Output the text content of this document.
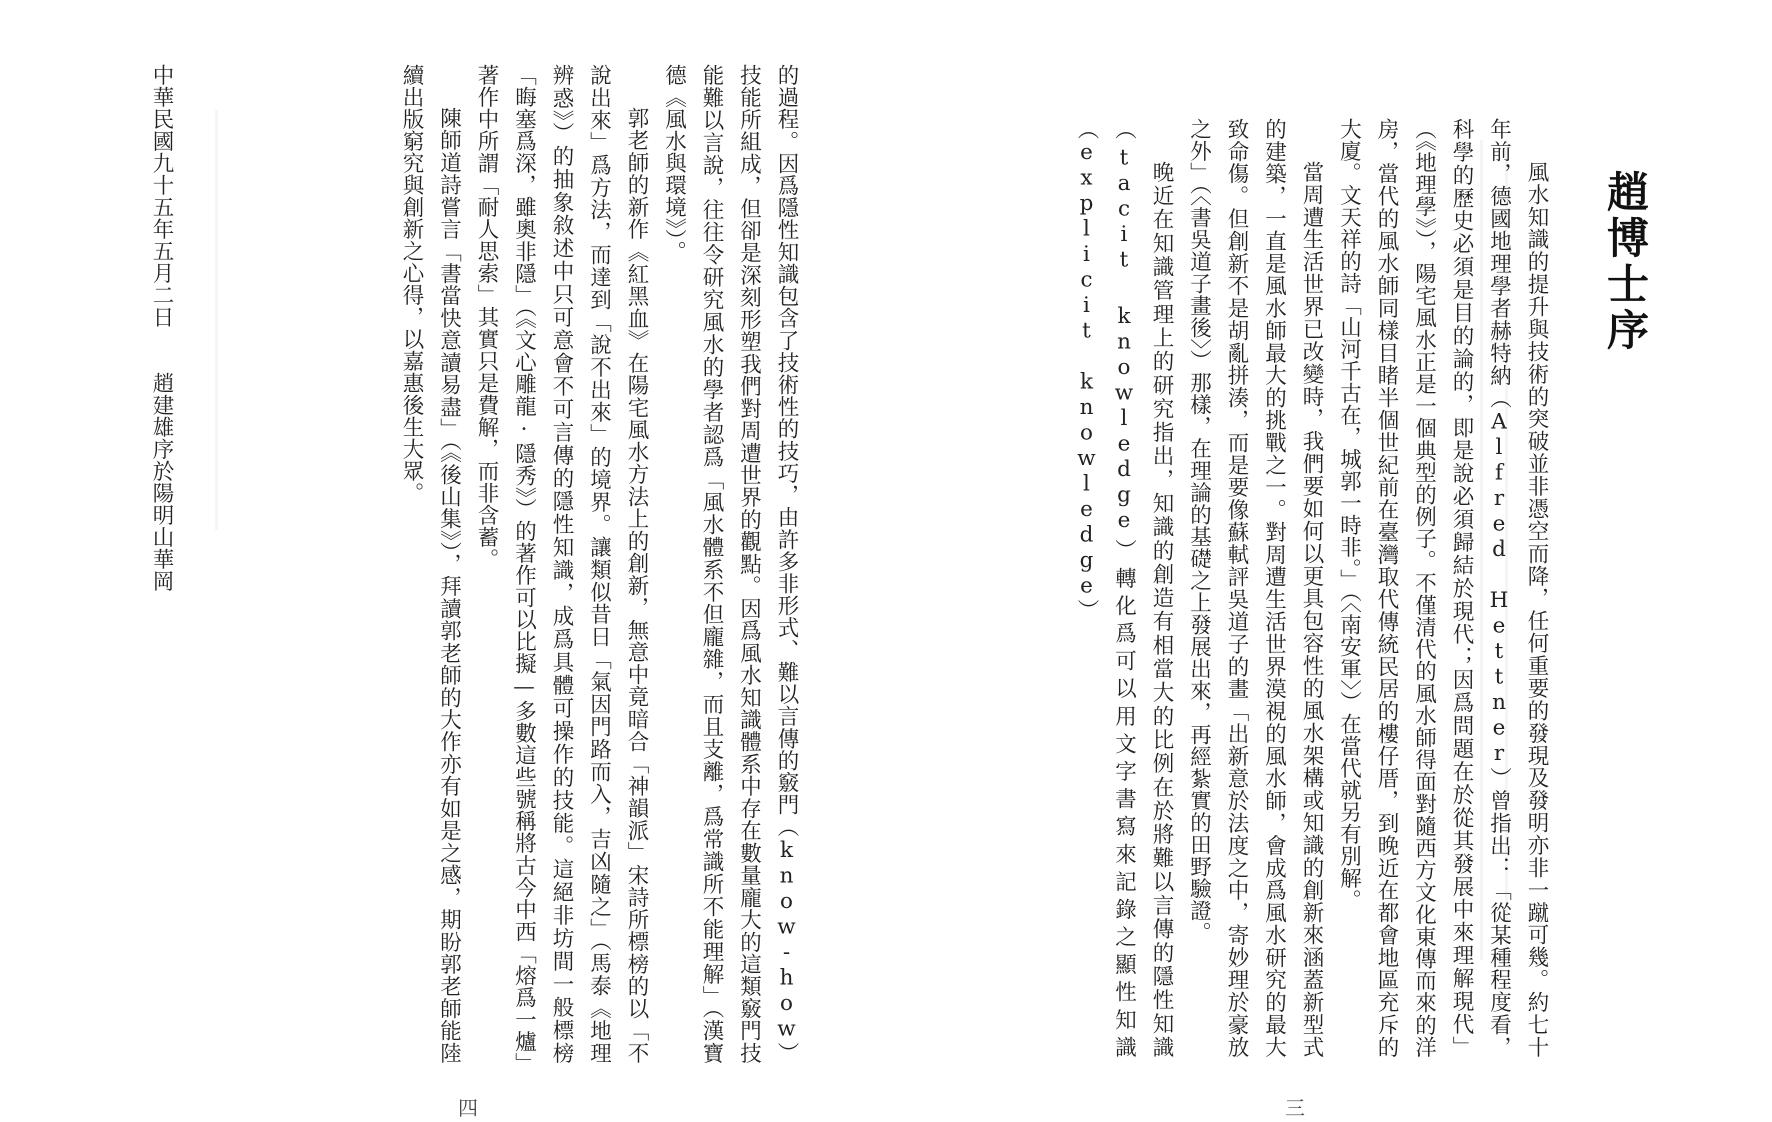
趙博士序

風水知識的提升與技術的突破並非憑空而降，任何重要的發現及發明亦非一蹴可幾。約七十年前，德國地理學者赫特納（Alfred Hettner）曾指出：「從某種程度看，科學的歷史必須是目的論的，即是說必須歸結於現代；因爲問題在於從其發展中來理解現代」（《地理學》），陽宅風水正是一個典型的例子。不僅清代的風水師得面對隨西方文化東傳而來的洋房，當代的風水師同樣目睹半個世紀前在臺灣取代傳統民居的樓仔厝，到晚近在都會地區充斥的大廈。文天祥的詩「山河千古在，城郭一時非。」（〈南安軍〉）在當代就另有別解。

當周遭生活世界已改變時，我們要如何以更具包容性的風水架構或知識的創新來涵蓋新型式的建築，一直是風水師最大的挑戰之一。對周遭生活世界漠視的風水師，會成爲風水研究的最大致命傷。但創新不是胡亂拼湊，而是要像蘇軾評吳道子的畫「出新意於法度之中，寄妙理於豪放之外」（〈書吳道子畫後〉）那樣，在理論的基礎之上發展出來，再經紮實的田野驗證。

晚近在知識管理上的研究指出，知識的創造有相當大的比例在於將難以言傳的隱性知識（tacit knowledge）轉化爲可以用文字書寫來記錄之顯性知識（explicit knowledge）

三

的過程。因爲隱性知識包含了技術性的技巧，由許多非形式、難以言傳的竅門（know-how）技能所組成，但卻是深刻形塑我們對周遭世界的觀點。因爲風水知識體系中存在數量龐大的這類竅門技能難以言說，往往令研究風水的學者認爲「風水體系不但龐雜，而且支離，爲常識所不能理解」（漢寶德《風水與環境》）。

郭老師的新作《紅黑血》在陽宅風水方法上的創新，無意中竟暗合「神韻派」宋詩所標榜的以「不說出來」爲方法，而達到「說不出來」的境界。讓類似昔日「氣因門路而入，吉凶隨之」（馬泰《地理辨惑》）的抽象敘述中只可意會不可言傳的隱性知識，成爲具體可操作的技能。這絕非坊間一般標榜「晦塞爲深，雖奧非隱」（《文心雕龍·隱秀》）的著作可以比擬—多數這些號稱將古今中西「熔爲一爐」著作中所謂「耐人思索」其實只是費解，而非含蓄。

陳師道詩嘗言「書當快意讀易盡」（《後山集》），拜讀郭老師的大作亦有如是之感，期盼郭老師能陸續出版窮究與創新之心得，以嘉惠後生大眾。

中華民國九十五年五月二日　　趙建雄序於陽明山華岡
四
